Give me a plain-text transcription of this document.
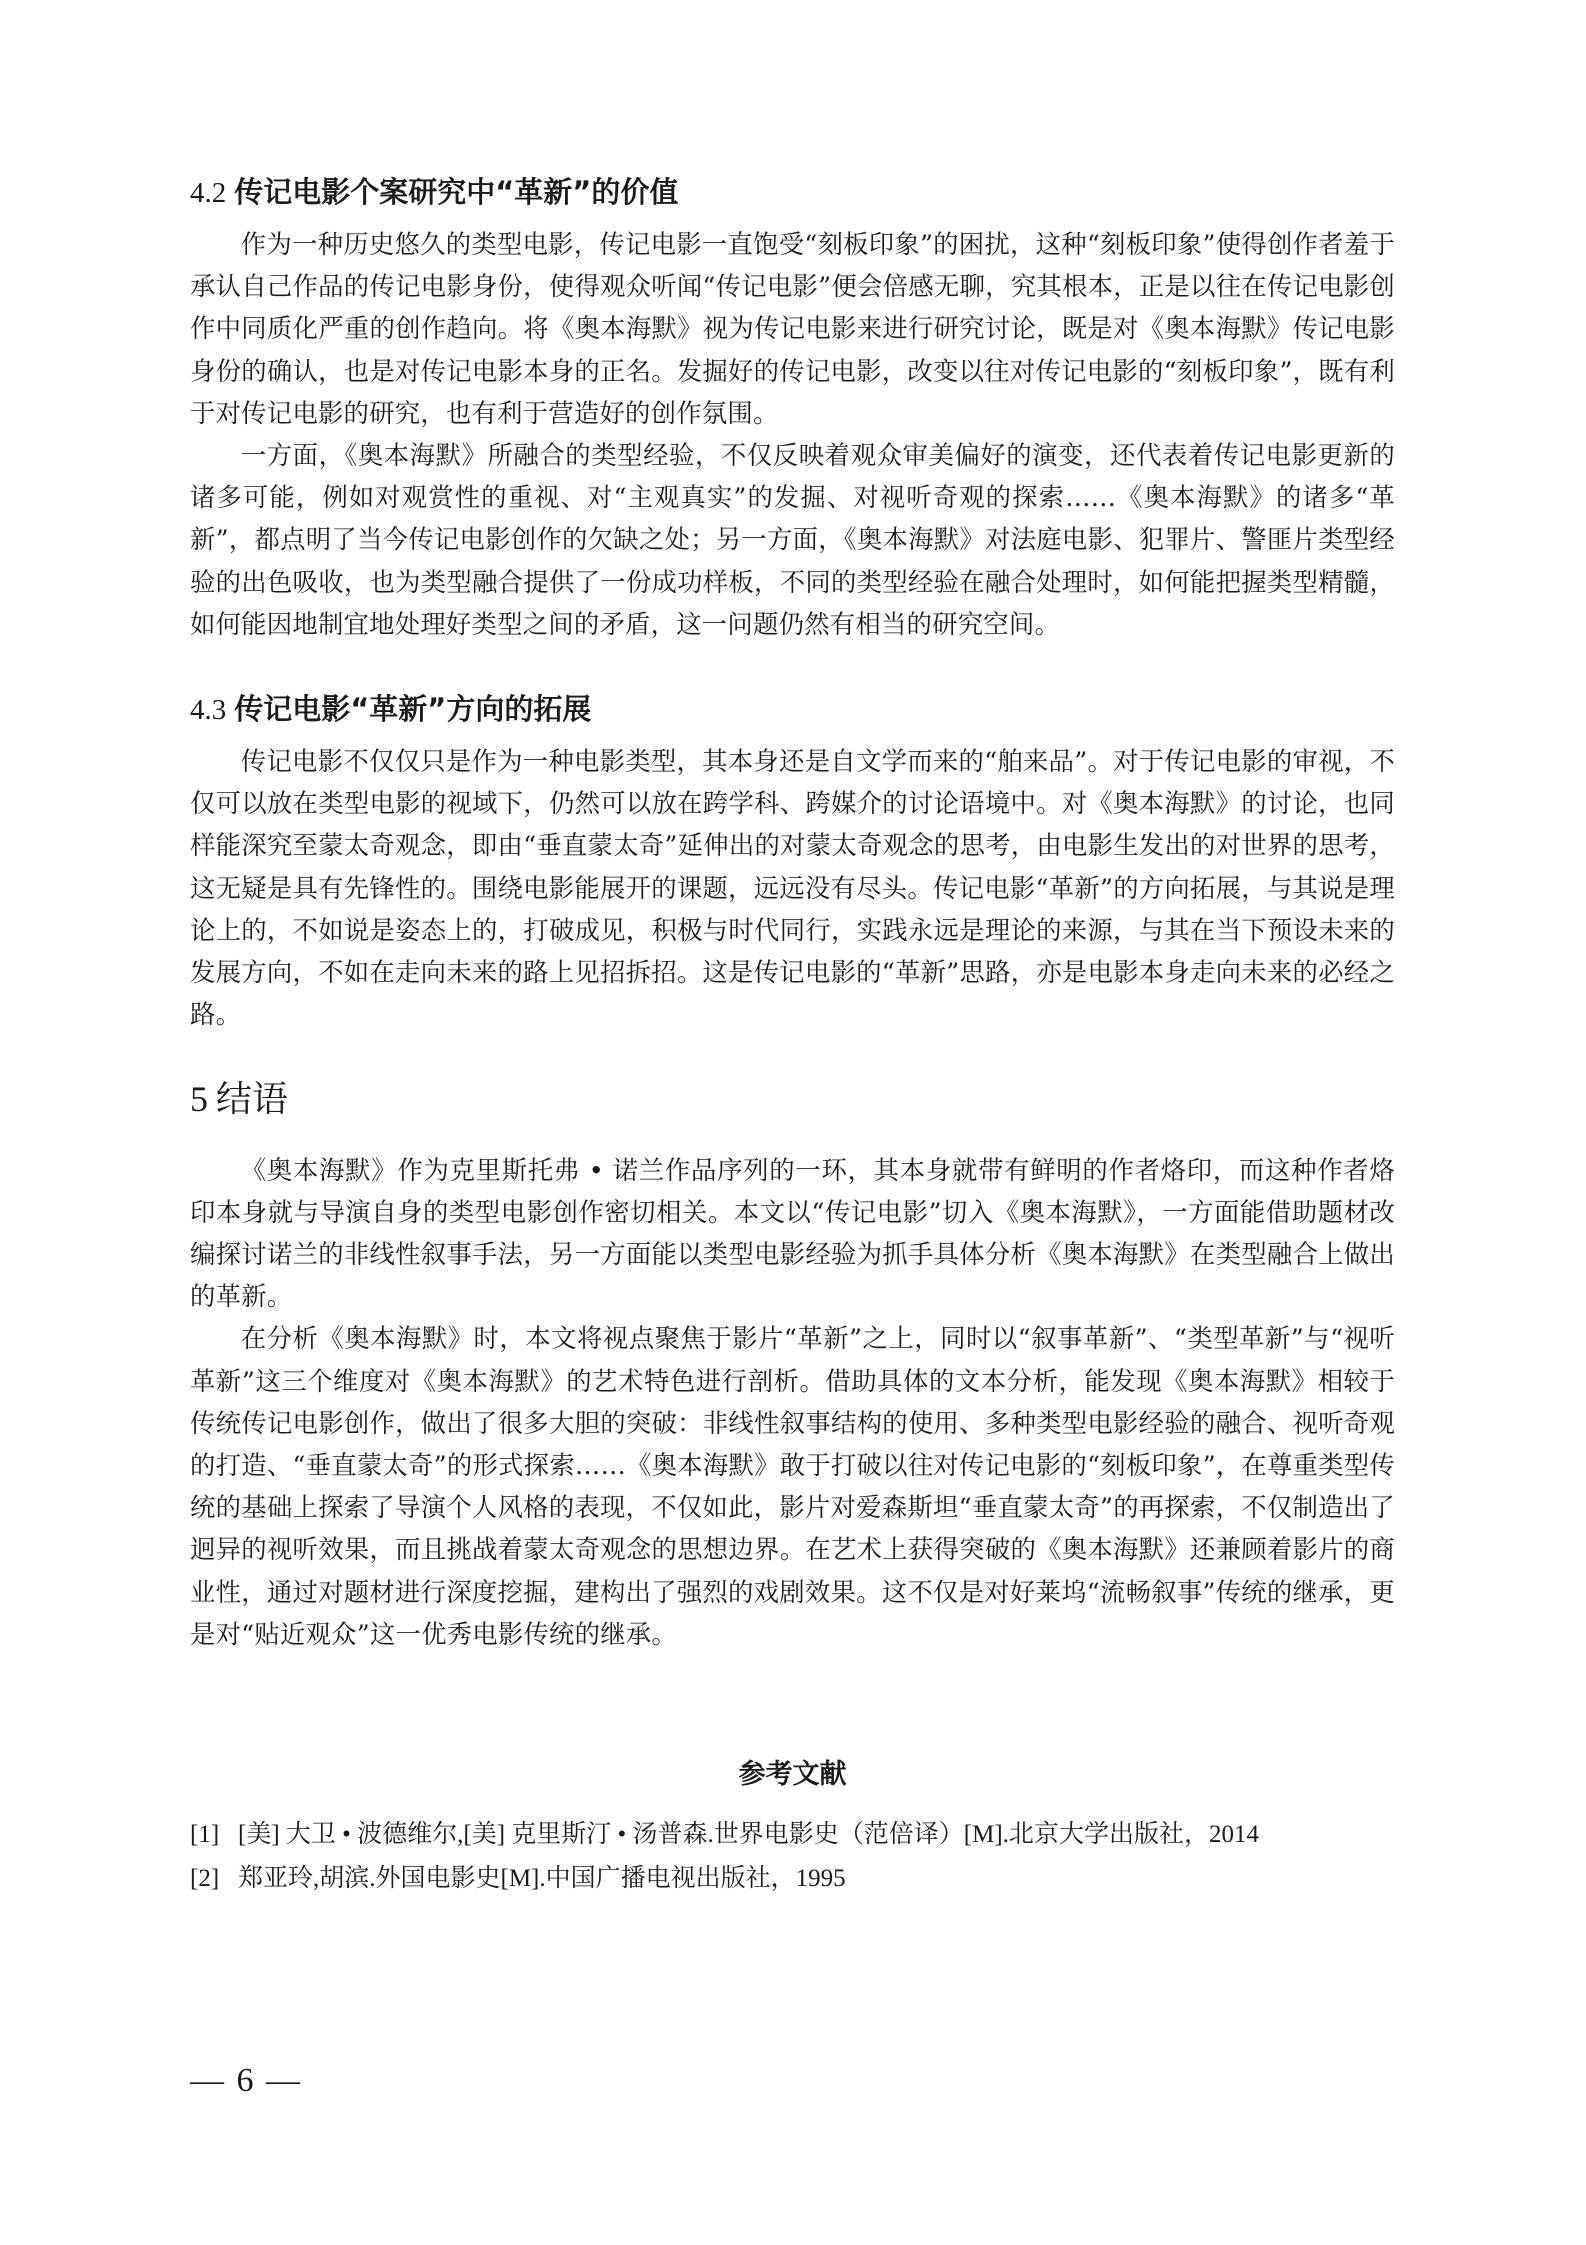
4.2 传记电影个案研究中“革新”的价值

作为一种历史悠久的类型电影，传记电影一直饱受“刻板印象”的困扰，这种“刻板印象”使得创作者羞于承认自己作品的传记电影身份，使得观众听闻“传记电影”便会倍感无聊，究其根本，正是以往在传记电影创作中同质化严重的创作趋向。将《奥本海默》视为传记电影来进行研究讨论，既是对《奥本海默》传记电影身份的确认，也是对传记电影本身的正名。发掘好的传记电影，改变以往对传记电影的“刻板印象”，既有利于对传记电影的研究，也有利于营造好的创作氛围。

一方面，《奥本海默》所融合的类型经验，不仅反映着观众审美偏好的演变，还代表着传记电影更新的诸多可能，例如对观赏性的重视、对“主观真实”的发掘、对视听奇观的探索……《奥本海默》的诸多“革新”，都点明了当今传记电影创作的欠缺之处；另一方面，《奥本海默》对法庭电影、犯罪片、警匪片类型经验的出色吸收，也为类型融合提供了一份成功样板，不同的类型经验在融合处理时，如何能把握类型精髓，如何能因地制宜地处理好类型之间的矛盾，这一问题仍然有相当的研究空间。

4.3 传记电影“革新”方向的拓展

传记电影不仅仅只是作为一种电影类型，其本身还是自文学而来的“舶来品”。对于传记电影的审视，不仅可以放在类型电影的视域下，仍然可以放在跨学科、跨媒介的讨论语境中。对《奥本海默》的讨论，也同样能深究至蒙太奇观念，即由“垂直蒙太奇”延伸出的对蒙太奇观念的思考，由电影生发出的对世界的思考，这无疑是具有先锋性的。围绕电影能展开的课题，远远没有尽头。传记电影“革新”的方向拓展，与其说是理论上的，不如说是姿态上的，打破成见，积极与时代同行，实践永远是理论的来源，与其在当下预设未来的发展方向，不如在走向未来的路上见招拆招。这是传记电影的“革新”思路，亦是电影本身走向未来的必经之路。

5 结语

《奥本海默》作为克里斯托弗 • 诺兰作品序列的一环，其本身就带有鲜明的作者烙印，而这种作者烙印本身就与导演自身的类型电影创作密切相关。本文以“传记电影”切入《奥本海默》，一方面能借助题材改编探讨诺兰的非线性叙事手法，另一方面能以类型电影经验为抓手具体分析《奥本海默》在类型融合上做出的革新。

在分析《奥本海默》时，本文将视点聚焦于影片“革新”之上，同时以“叙事革新”、“类型革新”与“视听革新”这三个维度对《奥本海默》的艺术特色进行剖析。借助具体的文本分析，能发现《奥本海默》相较于传统传记电影创作，做出了很多大胆的突破：非线性叙事结构的使用、多种类型电影经验的融合、视听奇观的打造、“垂直蒙太奇”的形式探索……《奥本海默》敢于打破以往对传记电影的“刻板印象”，在尊重类型传统的基础上探索了导演个人风格的表现，不仅如此，影片对爱森斯坦“垂直蒙太奇”的再探索，不仅制造出了迥异的视听效果，而且挑战着蒙太奇观念的思想边界。在艺术上获得突破的《奥本海默》还兼顾着影片的商业性，通过对题材进行深度挖掘，建构出了强烈的戏剧效果。这不仅是对好莱坞“流畅叙事”传统的继承，更是对“贴近观众”这一优秀电影传统的继承。

参考文献
[1] [美] 大卫 • 波德维尔,[美] 克里斯汀 • 汤普森.世界电影史（范倍译）[M].北京大学出版社，2014
[2] 郑亚玲,胡滨.外国电影史[M].中国广播电视出版社，1995
— 6 —
